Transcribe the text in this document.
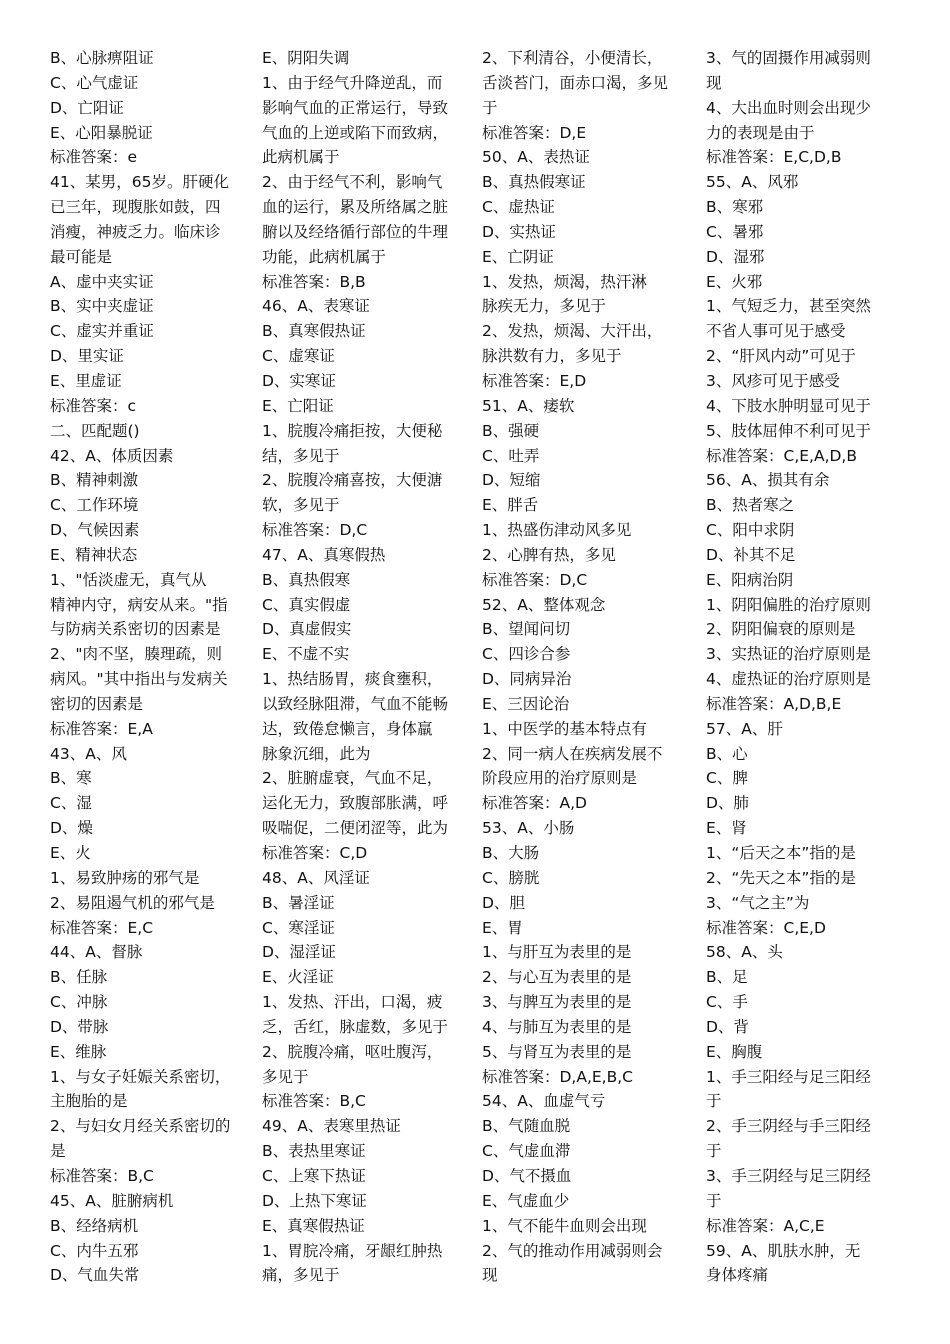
B、心脉痹阻证
C、心气虚证
D、亡阳证
E、心阳暴脱证
标准答案：e
41、某男，65岁。肝硬化
已三年，现腹胀如鼓，四
消瘦，神疲乏力。临床诊
最可能是
A、虚中夹实证
B、实中夹虚证
C、虚实并重证
D、里实证
E、里虚证
标准答案：c
二、匹配题()
42、A、体质因素
B、精神刺激
C、工作环境
D、气候因素
E、精神状态
1、"恬淡虚无，真气从
精神内守，病安从来。"指
与防病关系密切的因素是
2、"肉不坚，腠理疏，则
病风。"其中指出与发病关
密切的因素是
标准答案：E,A
43、A、风
B、寒
C、湿
D、燥
E、火
1、易致肿疡的邪气是
2、易阻遏气机的邪气是
标准答案：E,C
44、A、督脉
B、任脉
C、冲脉
D、带脉
E、维脉
1、与女子妊娠关系密切，
主胞胎的是
2、与妇女月经关系密切的
是
标准答案：B,C
45、A、脏腑病机
B、经络病机
C、内牛五邪
D、气血失常
E、阴阳失调
1、由于经气升降逆乱，而
影响气血的正常运行，导致
气血的上逆或陷下而致病，
此病机属于
2、由于经气不利，影响气
血的运行，累及所络属之脏
腑以及经络循行部位的牛理
功能，此病机属于
标准答案：B,B
46、A、表寒证
B、真寒假热证
C、虚寒证
D、实寒证
E、亡阳证
1、脘腹冷痛拒按，大便秘
结，多见于
2、脘腹冷痛喜按，大便溏
软，多见于
标准答案：D,C
47、A、真寒假热
B、真热假寒
C、真实假虚
D、真虚假实
E、不虚不实
1、热结肠胃，痰食壅积，
以致经脉阻滞，气血不能畅
达，致倦怠懒言，身体羸
脉象沉细，此为
2、脏腑虚衰，气血不足，
运化无力，致腹部胀满，呼
吸喘促，二便闭涩等，此为
标准答案：C,D
48、A、风淫证
B、暑淫证
C、寒淫证
D、湿淫证
E、火淫证
1、发热、汗出，口渴，疲
乏，舌红，脉虚数，多见于
2、脘腹冷痛，呕吐腹泻，
多见于
标准答案：B,C
49、A、表寒里热证
B、表热里寒证
C、上寒下热证
D、上热下寒证
E、真寒假热证
1、胃脘冷痛，牙龈红肿热
痛，多见于
2、下利清谷，小便清长，
舌淡苔门，面赤口渴，多见
于
标准答案：D,E
50、A、表热证
B、真热假寒证
C、虚热证
D、实热证
E、亡阴证
1、发热，烦渴，热汗淋
脉疾无力，多见于
2、发热，烦渴、大汗出，
脉洪数有力，多见于
标准答案：E,D
51、A、痿软
B、强硬
C、吐弄
D、短缩
E、胖舌
1、热盛伤津动风多见
2、心脾有热，多见
标准答案：D,C
52、A、整体观念
B、望闻问切
C、四诊合参
D、同病异治
E、三因论治
1、中医学的基本特点有
2、同一病人在疾病发展不
阶段应用的治疗原则是
标准答案：A,D
53、A、小肠
B、大肠
C、膀胱
D、胆
E、胃
1、与肝互为表里的是
2、与心互为表里的是
3、与脾互为表里的是
4、与肺互为表里的是
5、与肾互为表里的是
标准答案：D,A,E,B,C
54、A、血虚气亏
B、气随血脱
C、气虚血滞
D、气不摄血
E、气虚血少
1、气不能牛血则会出现
2、气的推动作用减弱则会
现
3、气的固摄作用减弱则
现
4、大出血时则会出现少
力的表现是由于
标准答案：E,C,D,B
55、A、风邪
B、寒邪
C、暑邪
D、湿邪
E、火邪
1、气短乏力，甚至突然
不省人事可见于感受
2、“肝风内动”可见于
3、风疹可见于感受
4、下肢水肿明显可见于
5、肢体屈伸不利可见于
标准答案：C,E,A,D,B
56、A、损其有余
B、热者寒之
C、阳中求阴
D、补其不足
E、阳病治阴
1、阴阳偏胜的治疗原则
2、阴阳偏衰的原则是
3、实热证的治疗原则是
4、虚热证的治疗原则是
标准答案：A,D,B,E
57、A、肝
B、心
C、脾
D、肺
E、肾
1、“后天之本”指的是
2、“先天之本”指的是
3、“气之主”为
标准答案：C,E,D
58、A、头
B、足
C、手
D、背
E、胸腹
1、手三阳经与足三阳经
于
2、手三阴经与手三阳经
于
3、手三阴经与足三阴经
于
标准答案：A,C,E
59、A、肌肤水肿，无
身体疼痛
